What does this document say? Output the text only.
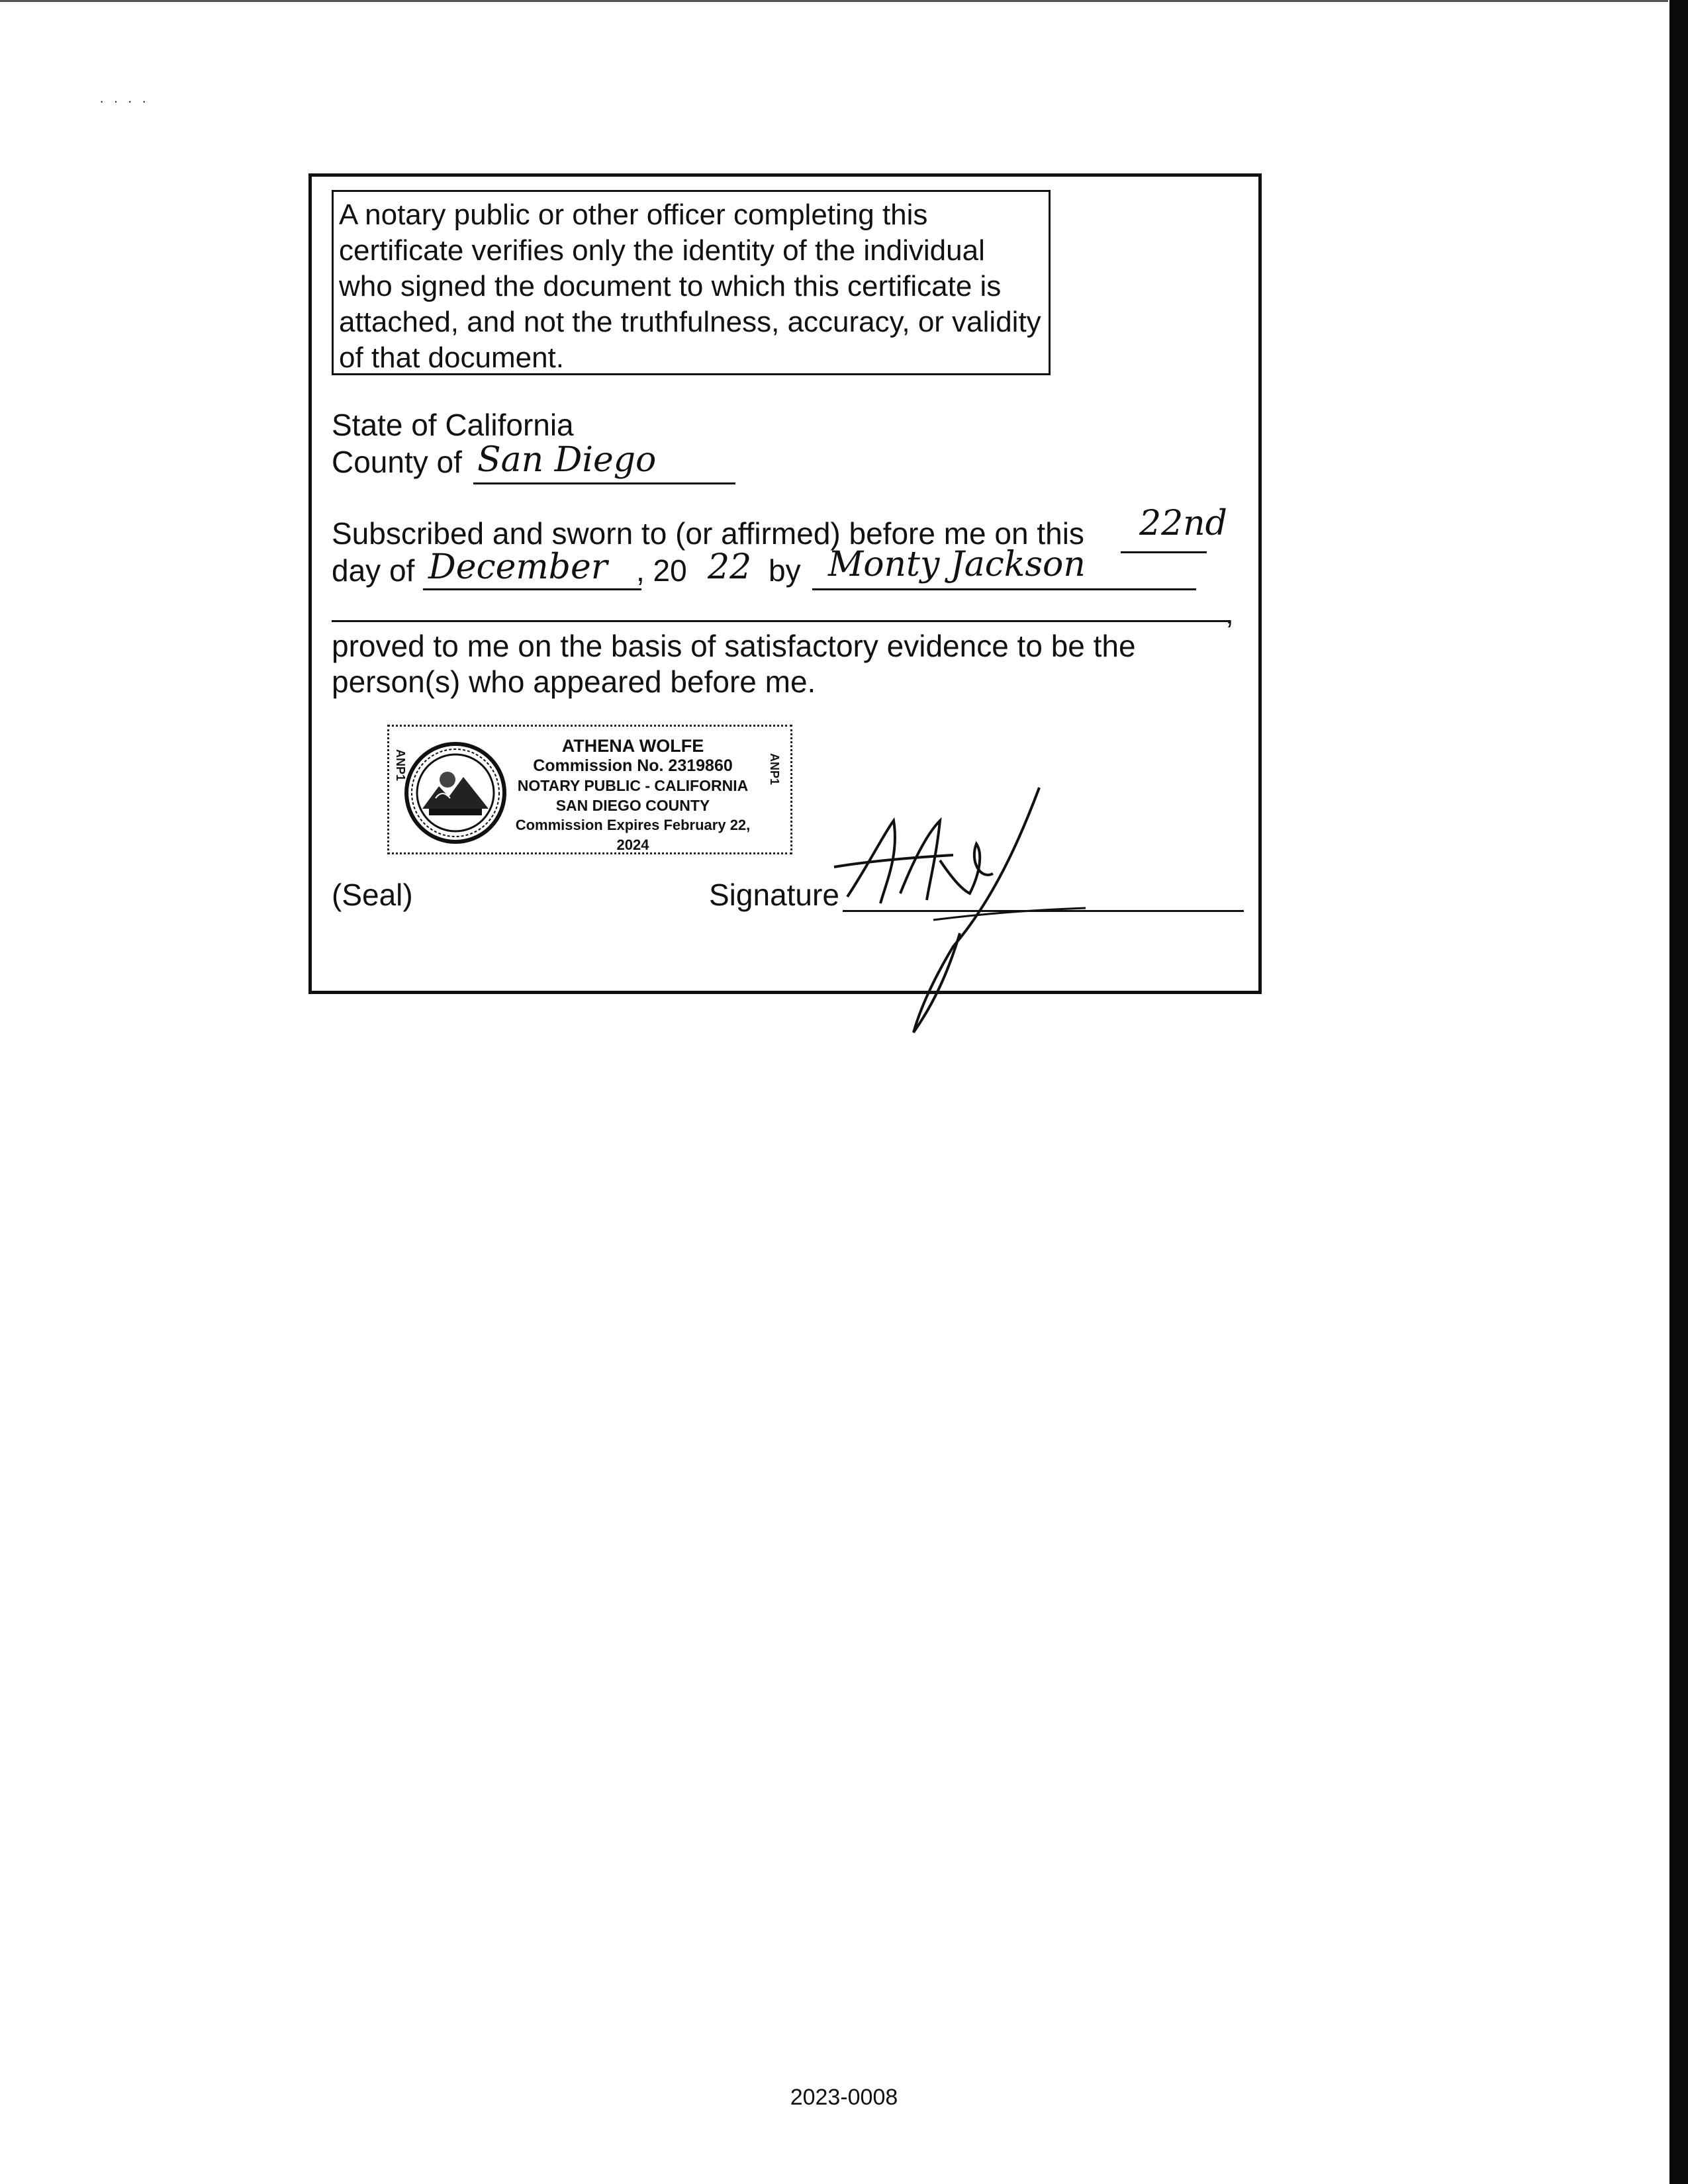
····
A notary public or other officer completing this certificate verifies only the identity of the individual who signed the document to which this certificate is attached, and not the truthfulness, accuracy, or validity of that document.
State of California
County of San Diego
Subscribed and sworn to (or affirmed) before me on this 22nd
day of December , 20 22 by Monty Jackson
,
proved to me on the basis of satisfactory evidence to be the
person(s) who appeared before me.
ANP1	ANP1
ATHENA WOLFE
Commission No. 2319860
NOTARY PUBLIC - CALIFORNIA
SAN DIEGO COUNTY
Commission Expires February 22, 2024
(Seal)	Signature
2023-0008
